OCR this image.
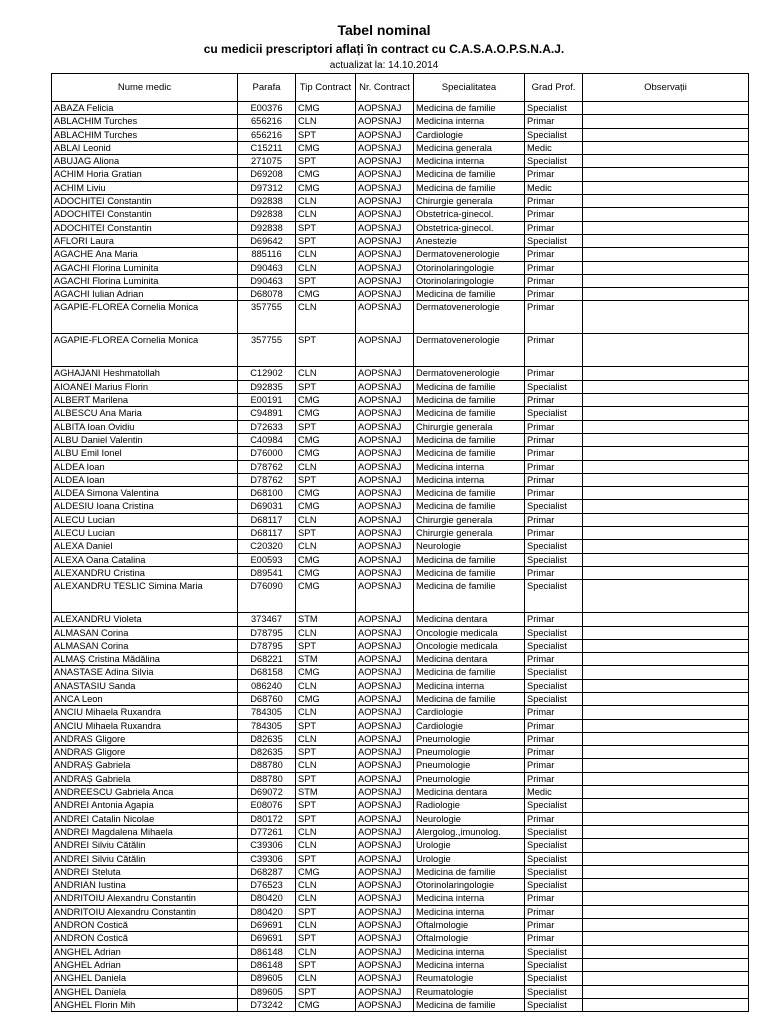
Tabel nominal
cu medicii prescriptori aflați în contract cu C.A.S.A.O.P.S.N.A.J.
actualizat la: 14.10.2014
Nume medic	Parafa	Tip Contract	Nr. Contract	Specialitatea	Grad Prof.	Observații
ABAZA Felicia	E00376	CMG	AOPSNAJ	Medicina de familie	Specialist	
ABLACHIM Turches	656216	CLN	AOPSNAJ	Medicina interna	Primar	
ABLACHIM Turches	656216	SPT	AOPSNAJ	Cardiologie	Specialist	
ABLAI Leonid	C15211	CMG	AOPSNAJ	Medicina generala	Medic	
ABUJAG Aliona	271075	SPT	AOPSNAJ	Medicina interna	Specialist	
ACHIM Horia Gratian	D69208	CMG	AOPSNAJ	Medicina de familie	Primar	
ACHIM Liviu	D97312	CMG	AOPSNAJ	Medicina de familie	Medic	
ADOCHITEI Constantin	D92838	CLN	AOPSNAJ	Chirurgie generala	Primar	
ADOCHITEI Constantin	D92838	CLN	AOPSNAJ	Obstetrica-ginecol.	Primar	
ADOCHITEI Constantin	D92838	SPT	AOPSNAJ	Obstetrica-ginecol.	Primar	
AFLORI Laura	D69642	SPT	AOPSNAJ	Anestezie	Specialist	
AGACHE Ana Maria	885116	CLN	AOPSNAJ	Dermatovenerologie	Primar	
AGACHI Florina Luminita	D90463	CLN	AOPSNAJ	Otorinolaringologie	Primar	
AGACHI Florina Luminita	D90463	SPT	AOPSNAJ	Otorinolaringologie	Primar	
AGACHI Iulian Adrian	D68078	CMG	AOPSNAJ	Medicina de familie	Primar	
AGAPIE-FLOREA Cornelia Monica	357755	CLN	AOPSNAJ	Dermatovenerologie	Primar	
AGAPIE-FLOREA Cornelia Monica	357755	SPT	AOPSNAJ	Dermatovenerologie	Primar	
AGHAJANI Heshmatollah	C12902	CLN	AOPSNAJ	Dermatovenerologie	Primar	
AIOANEI Marius Florin	D92835	SPT	AOPSNAJ	Medicina de familie	Specialist	
ALBERT Marilena	E00191	CMG	AOPSNAJ	Medicina de familie	Primar	
ALBESCU Ana Maria	C94891	CMG	AOPSNAJ	Medicina de familie	Specialist	
ALBITA Ioan Ovidiu	D72633	SPT	AOPSNAJ	Chirurgie generala	Primar	
ALBU Daniel Valentin	C40984	CMG	AOPSNAJ	Medicina de familie	Primar	
ALBU Emil Ionel	D76000	CMG	AOPSNAJ	Medicina de familie	Primar	
ALDEA Ioan	D78762	CLN	AOPSNAJ	Medicina interna	Primar	
ALDEA Ioan	D78762	SPT	AOPSNAJ	Medicina interna	Primar	
ALDEA Simona Valentina	D68100	CMG	AOPSNAJ	Medicina de familie	Primar	
ALDESIU Ioana Cristina	D69031	CMG	AOPSNAJ	Medicina de familie	Specialist	
ALECU Lucian	D68117	CLN	AOPSNAJ	Chirurgie generala	Primar	
ALECU Lucian	D68117	SPT	AOPSNAJ	Chirurgie generala	Primar	
ALEXA Daniel	C20320	CLN	AOPSNAJ	Neurologie	Specialist	
ALEXA Oana Catalina	E00593	CMG	AOPSNAJ	Medicina de familie	Specialist	
ALEXANDRU Cristina	D89541	CMG	AOPSNAJ	Medicina de familie	Primar	
ALEXANDRU TESLIC Simina Maria	D76090	CMG	AOPSNAJ	Medicina de familie	Specialist	
ALEXANDRU Violeta	373467	STM	AOPSNAJ	Medicina dentara	Primar	
ALMASAN Corina	D78795	CLN	AOPSNAJ	Oncologie medicala	Specialist	
ALMASAN Corina	D78795	SPT	AOPSNAJ	Oncologie medicala	Specialist	
ALMAȘ Cristina Mădălina	D68221	STM	AOPSNAJ	Medicina dentara	Primar	
ANASTASE Adina Silvia	D68158	CMG	AOPSNAJ	Medicina de familie	Specialist	
ANASTASIU Sanda	086240	CLN	AOPSNAJ	Medicina interna	Specialist	
ANCA Leon	D68760	CMG	AOPSNAJ	Medicina de familie	Specialist	
ANCIU Mihaela Ruxandra	784305	CLN	AOPSNAJ	Cardiologie	Primar	
ANCIU Mihaela Ruxandra	784305	SPT	AOPSNAJ	Cardiologie	Primar	
ANDRAS Gligore	D82635	CLN	AOPSNAJ	Pneumologie	Primar	
ANDRAS Gligore	D82635	SPT	AOPSNAJ	Pneumologie	Primar	
ANDRAȘ Gabriela	D88780	CLN	AOPSNAJ	Pneumologie	Primar	
ANDRAȘ Gabriela	D88780	SPT	AOPSNAJ	Pneumologie	Primar	
ANDREESCU Gabriela Anca	D69072	STM	AOPSNAJ	Medicina dentara	Medic	
ANDREI Antonia Agapia	E08076	SPT	AOPSNAJ	Radiologie	Specialist	
ANDREI Catalin Nicolae	D80172	SPT	AOPSNAJ	Neurologie	Primar	
ANDREI Magdalena Mihaela	D77261	CLN	AOPSNAJ	Alergolog.,imunolog.	Specialist	
ANDREI Silviu Cătălin	C39306	CLN	AOPSNAJ	Urologie	Specialist	
ANDREI Silviu Cătălin	C39306	SPT	AOPSNAJ	Urologie	Specialist	
ANDREI Steluta	D68287	CMG	AOPSNAJ	Medicina de familie	Specialist	
ANDRIAN Iustina	D76523	CLN	AOPSNAJ	Otorinolaringologie	Specialist	
ANDRITOIU Alexandru Constantin	D80420	CLN	AOPSNAJ	Medicina interna	Primar	
ANDRITOIU Alexandru Constantin	D80420	SPT	AOPSNAJ	Medicina interna	Primar	
ANDRON Costică	D69691	CLN	AOPSNAJ	Oftalmologie	Primar	
ANDRON Costică	D69691	SPT	AOPSNAJ	Oftalmologie	Primar	
ANGHEL Adrian	D86148	CLN	AOPSNAJ	Medicina interna	Specialist	
ANGHEL Adrian	D86148	SPT	AOPSNAJ	Medicina interna	Specialist	
ANGHEL Daniela	D89605	CLN	AOPSNAJ	Reumatologie	Specialist	
ANGHEL Daniela	D89605	SPT	AOPSNAJ	Reumatologie	Specialist	
ANGHEL Florin Mih	D73242	CMG	AOPSNAJ	Medicina de familie	Specialist	
